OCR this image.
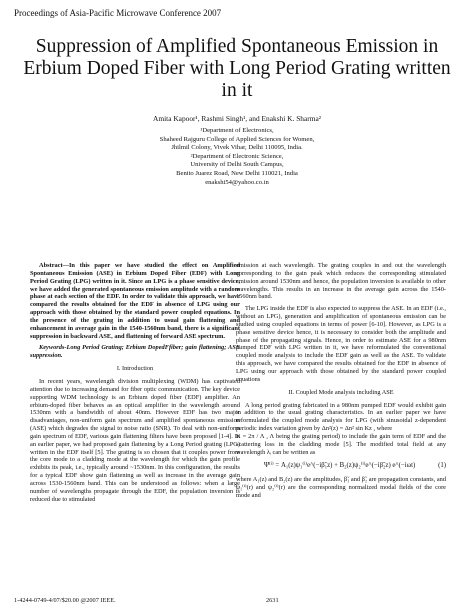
Proceedings of Asia-Pacific Microwave Conference 2007
Suppression of Amplified Spontaneous Emission in Erbium Doped Fiber with Long Period Grating written in it
Amita Kapoor¹, Rashmi Singh¹, and Enakshi K. Sharma²
¹Department of Electronics,
Shaheed Rajguru College of Applied Sciences for Women,
Jhilmil Colony, Vivek Vihar, Delhi 110095, India.
²Department of Electronic Science,
University of Delhi South Campus,
Benito Juarez Road, New Delhi 110021, India
enakshi54@yahoo.co.in

Abstract—In this paper we have studied the effect on Amplified Spontaneous Emission (ASE) in Erbium Doped Fiber (EDF) with Long Period Grating (LPG) written in it. Since an LPG is a phase sensitive device, we have added the generated spontaneous emission amplitude with a random phase at each section of the EDF. In order to validate this approach, we have compared the results obtained for the EDF in absence of LPG using our approach with those obtained by the standard power coupled equations. In the presence of the grating in addition to usual gain flattening and enhancement in average gain in the 1540-1560nm band, there is a significant suppression in backward ASE, and flattening of forward ASE spectrum.

Keywords-Long Period Grating; Erbium DopedFfiber; gain flattening; ASE suppression.

I. Introduction

In recent years, wavelength division multiplexing (WDM) has captivated attention due to increasing demand for fiber optic communication. The key device supporting WDM technology is an Erbium doped fiber (EDF) amplifier. An erbium-doped fiber behaves as an optical amplifier in the wavelength around 1530nm with a bandwidth of about 40nm. However EDF has two major disadvantages, non-uniform gain spectrum and amplified spontaneous emission (ASE) which degrades the signal to noise ratio (SNR). To deal with non-uniform gain spectrum of EDF, various gain flattening filters have been proposed [1-4]. In an earlier paper, we had proposed gain flattening by a Long Period grating (LPG) written in the EDF itself [5]. The grating is so chosen that it couples power from the core mode to a cladding mode at the wavelength for which the gain profile exhibits its peak, i.e., typically around ~1530nm. In this configuration, the results for a typical EDF show gain flattening as well as increase in the average gain across 1530-1560nm band. This can be understood as follows: when a large number of wavelengths propagate through the EDF, the population inversion is reduced due to stimulated

emission at each wavelength. The grating couples in and out the wavelength corresponding to the gain peak which reduces the corresponding stimulated emission around 1530nm and hence, the population inversion is available to other wavelengths. This results in an increase in the average gain across the 1540-1560nm band.

The LPG inside the EDF is also expected to suppress the ASE. In an EDF (i.e., without an LPG), generation and amplification of spontaneous emission can be studied using coupled equations in terms of power [6-10]. However, as LPG is a phase sensitive device hence, it is necessary to consider both the amplitude and phase of the propagating signals. Hence, in order to estimate ASE for a 980nm pumped EDF with LPG written in it, we have reformulated the conventional coupled mode analysis to include the EDF gain as well as the ASE. To validate this approach, we have compared the results obtained for the EDF in absence of LPG using our approach with those obtained by the standard power coupled equations

II. Coupled Mode analysis including ASE

A long period grating fabricated in a 980nm pumped EDF would exhibit gain in addition to the usual grating characteristics. In an earlier paper we have reformulated the coupled mode analysis for LPG (with sinusoidal z-dependent periodic index variation given by Δn²(z) = Δn² sin Kz , where

K = 2π / Λ , Λ being the grating period) to include the gain term of EDF and the scattering loss in the cladding mode [5]. The modified total field at any wavelength λᵢ can be written as

Ψ⁽ⁱ⁾ = A₁(z)ψ₁⁽ⁱ⁾e^(−iβ̃₁z) + B₂(z)ψ₂⁽ⁱ⁾e^(−iβ̃₂z) e^(−iωt)	(1)

where A₁(z) and B₂(z) are the amplitudes, β̃₁ and β̃₂ are propagation constants, and ψ₁⁽ⁱ⁾(r) and ψ₂⁽ⁱ⁾(r) are the corresponding normalized modal fields of the core mode and

1-4244-0749-4/07/$20.00 @2007 IEEE.	2631
